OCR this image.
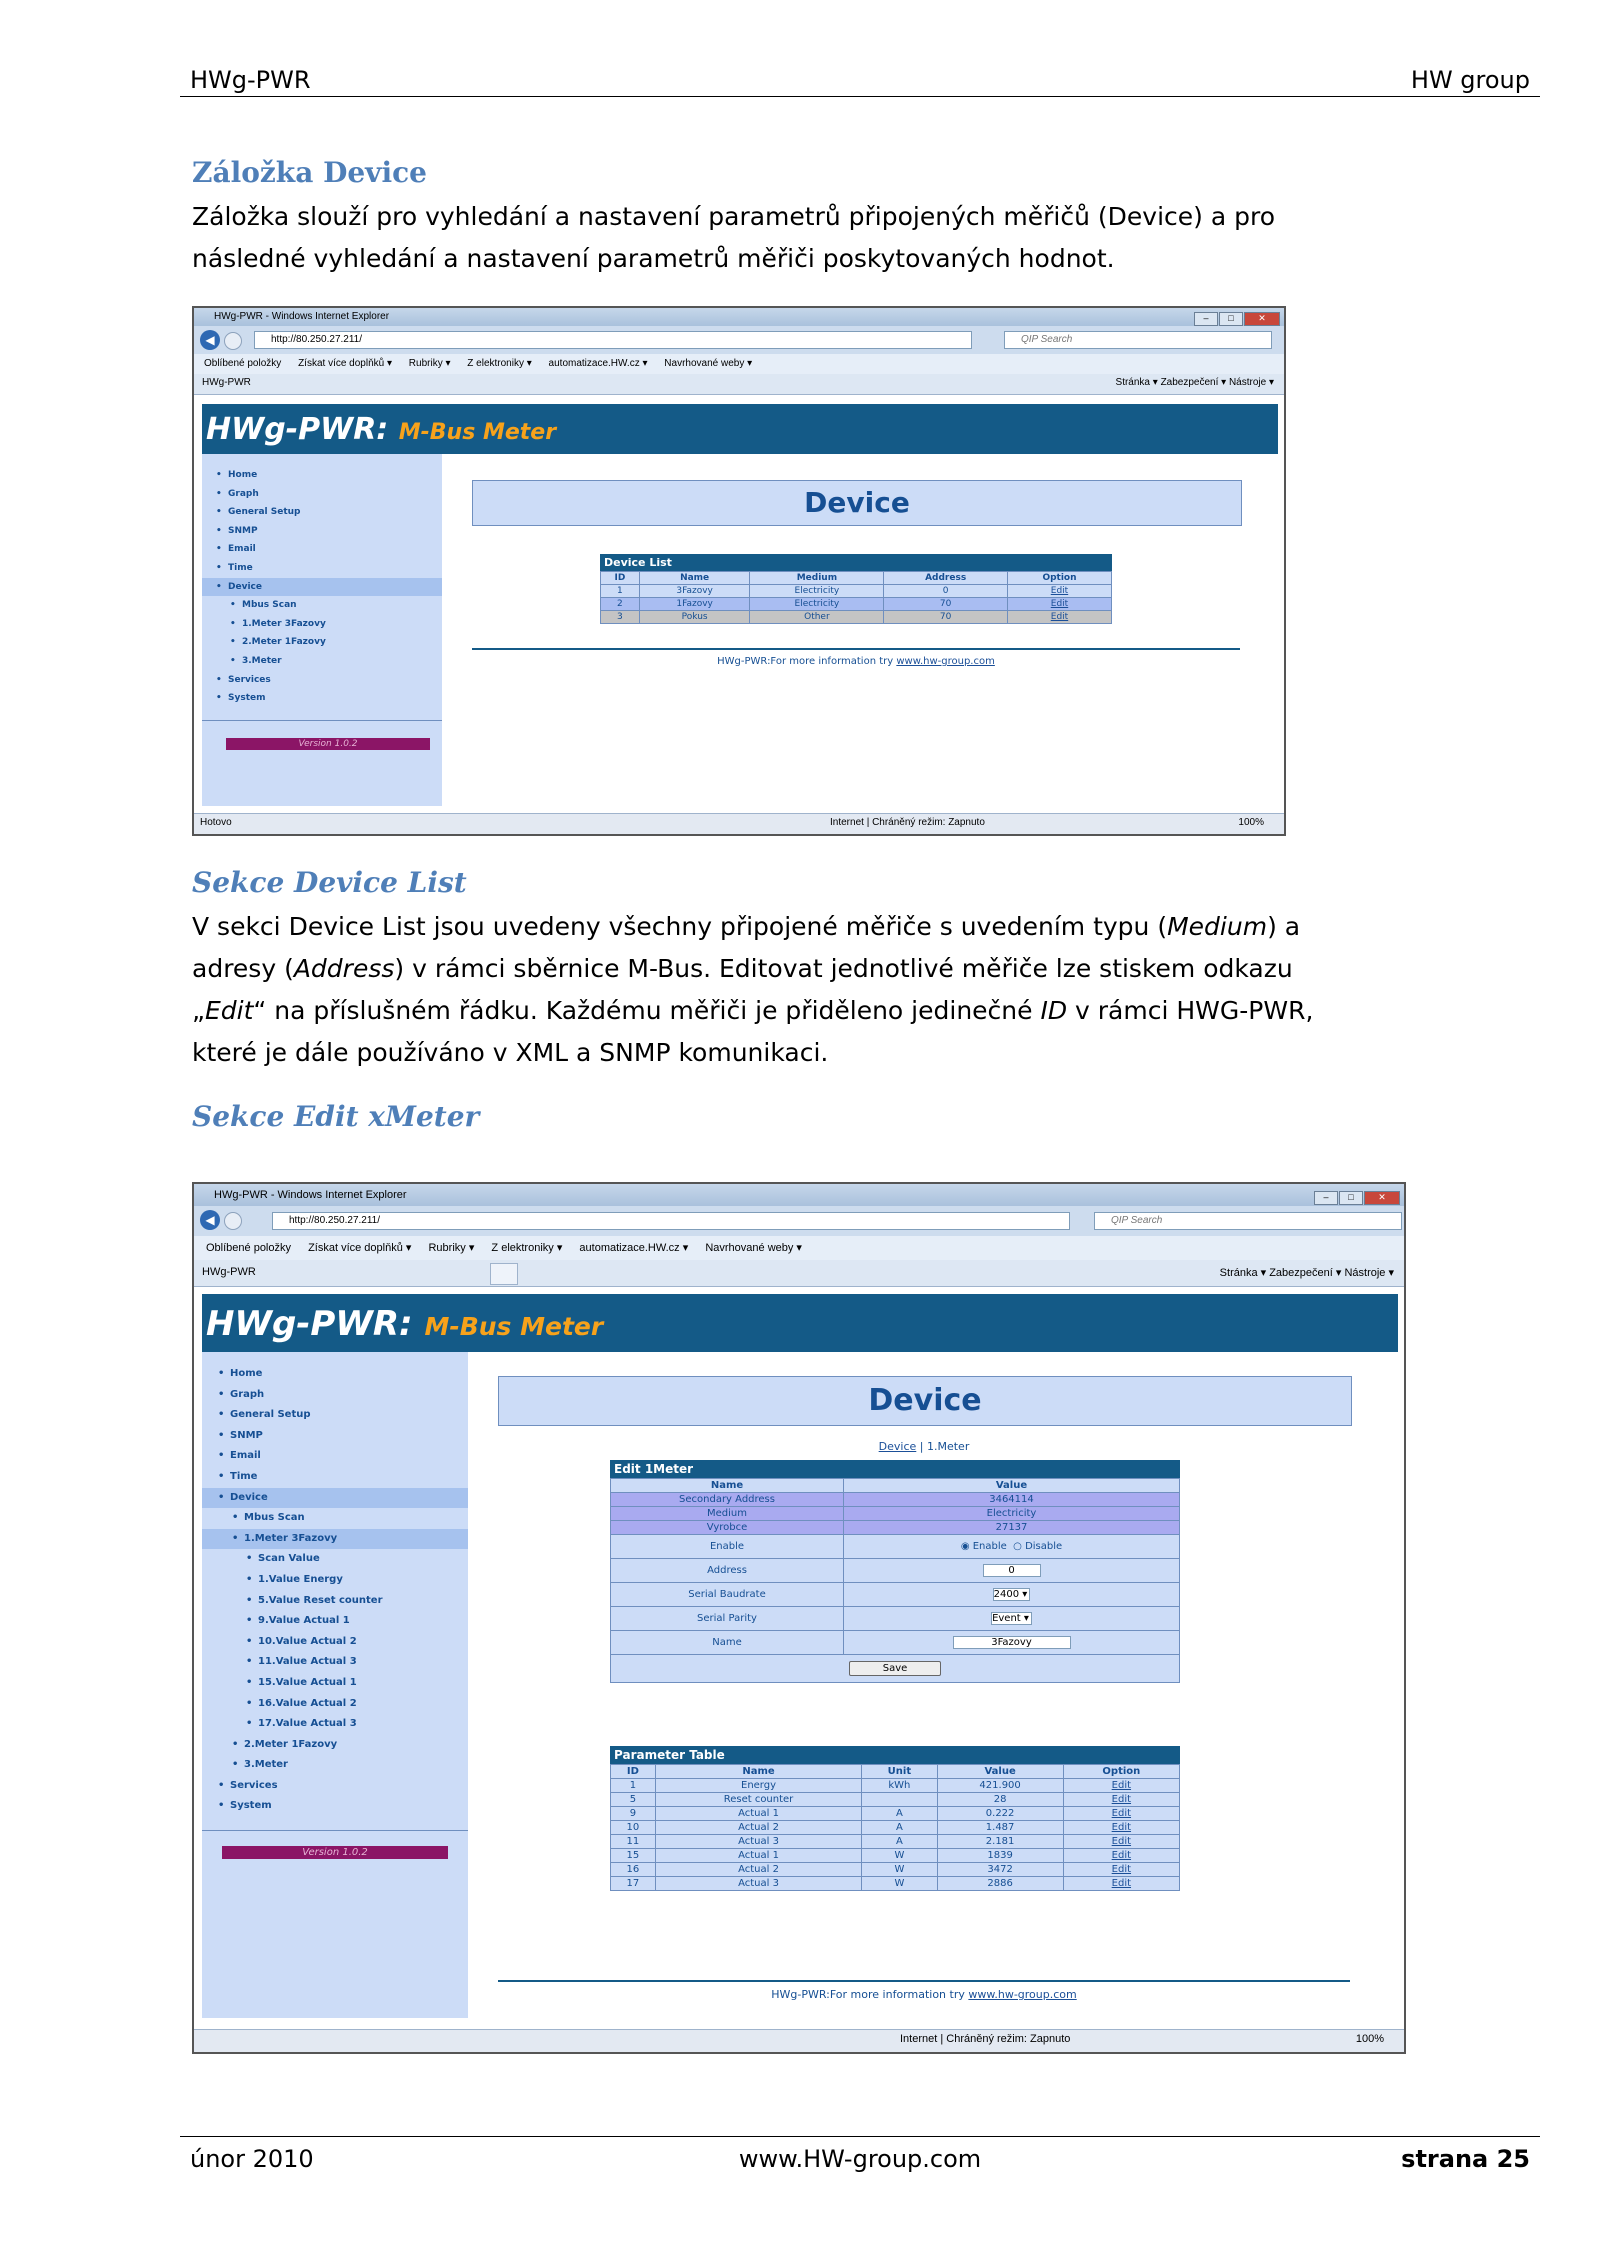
HWg-PWR	HW group
Záložka Device
Záložka slouží pro vyhledání a nastavení parametrů připojených měřičů (Device) a pro
následné vyhledání a nastavení parametrů měřiči poskytovaných hodnot.
HWg-PWR - Windows Internet Explorer	– □	✕
◀	http://80.250.27.211/	QIP Search
Oblíbené položky Získat více doplňků ▾ Rubriky ▾ Z elektroniky ▾ automatizace.HW.cz ▾ Navrhované weby ▾
HWg-PWR	Stránka ▾ Zabezpečení ▾ Nástroje ▾
HWg-PWR: M-Bus Meter
• Home
• Graph
• General Setup
• SNMP
• Email
• Time
• Device
• Mbus Scan
• 1.Meter 3Fazovy
• 2.Meter 1Fazovy
• 3.Meter
• Services
• System
Version 1.0.2
Device
Device List
ID	Name	Medium	Address	Option
1	3Fazovy	Electricity	0	Edit
2	1Fazovy	Electricity	70	Edit
3	Pokus	Other	70	Edit
HWg-PWR:For more information try www.hw-group.com
Hotovo	Internet | Chráněný režim: Zapnuto	100%
Sekce Device List
V sekci Device List jsou uvedeny všechny připojené měřiče s uvedením typu (Medium) a
adresy (Address) v rámci sběrnice M-Bus. Editovat jednotlivé měřiče lze stiskem odkazu
„Edit“ na příslušném řádku. Každému měřiči je přiděleno jedinečné ID v rámci HWG-PWR,
které je dále používáno v XML a SNMP komunikaci.
Sekce Edit xMeter
HWg-PWR - Windows Internet Explorer	– □	✕
◀	http://80.250.27.211/	QIP Search
Oblíbené položky Získat více doplňků ▾ Rubriky ▾ Z elektroniky ▾ automatizace.HW.cz ▾ Navrhované weby ▾
HWg-PWR	Stránka ▾ Zabezpečení ▾ Nástroje ▾
HWg-PWR: M-Bus Meter
• Home
• Graph
• General Setup
• SNMP
• Email
• Time
• Device
• Mbus Scan
• 1.Meter 3Fazovy
• Scan Value
• 1.Value Energy
• 5.Value Reset counter
• 9.Value Actual 1
• 10.Value Actual 2
• 11.Value Actual 3
• 15.Value Actual 1
• 16.Value Actual 2
• 17.Value Actual 3
• 2.Meter 1Fazovy
• 3.Meter
• Services
• System
Version 1.0.2
Device
Device | 1.Meter
Edit 1Meter
Name	Value
Secondary Address	3464114
Medium	Electricity
Vyrobce	27137
Enable	◉ Enable ○ Disable
Address	0
Serial Baudrate	2400 ▾
Serial Parity	Event ▾
Name	3Fazovy
Save	
Parameter Table
ID	Name	Unit	Value	Option
1	Energy	kWh	421.900	Edit
5	Reset counter		28	Edit
9	Actual 1	A	0.222	Edit
10	Actual 2	A	1.487	Edit
11	Actual 3	A	2.181	Edit
15	Actual 1	W	1839	Edit
16	Actual 2	W	3472	Edit
17	Actual 3	W	2886	Edit
HWg-PWR:For more information try www.hw-group.com
Internet | Chráněný režim: Zapnuto	100%
únor 2010	www.HW-group.com	strana 25
